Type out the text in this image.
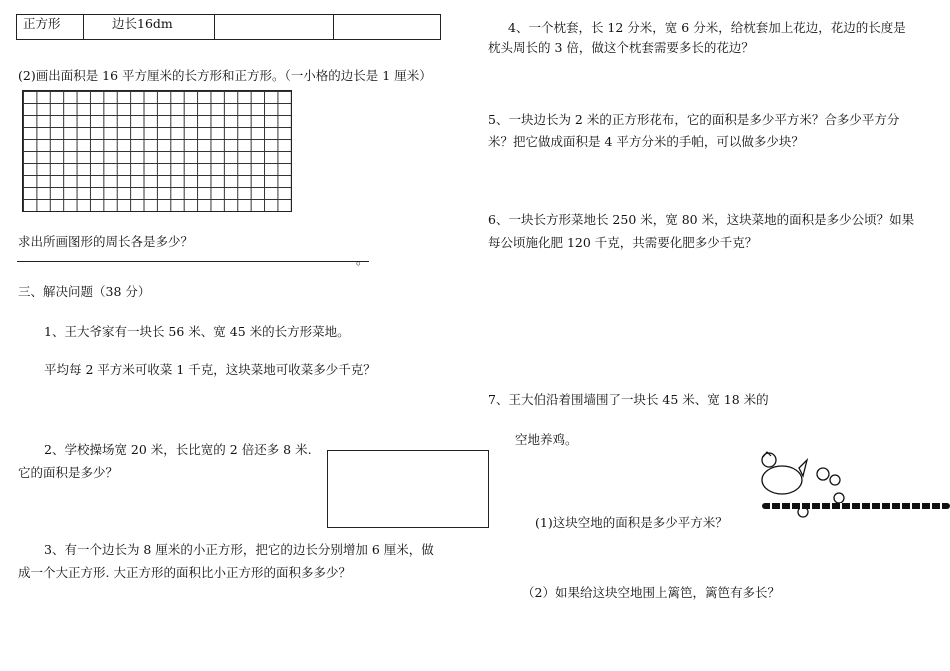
正方形	边长16dm		
(2)画出面积是 16 平方厘米的长方形和正方形。（一小格的边长是 1 厘米）
求出所画图形的周长各是多少？
。
三、解决问题（38 分）
1、王大爷家有一块长 56 米、宽 45 米的长方形菜地。
平均每 2 平方米可收菜 1 千克，这块菜地可收菜多少千克？
2、学校操场宽 20 米，长比宽的 2 倍还多 8 米.
它的面积是多少？
3、有一个边长为 8 厘米的小正方形，把它的边长分别增加 6 厘米，做
成一个大正方形. 大正方形的面积比小正方形的面积多多少？
4、一个枕套，长 12 分米，宽 6 分米，给枕套加上花边，花边的长度是
枕头周长的 3 倍，做这个枕套需要多长的花边？
5、一块边长为 2 米的正方形花布，它的面积是多少平方米？合多少平方分
米？把它做成面积是 4 平方分米的手帕，可以做多少块？
6、一块长方形菜地长 250 米，宽 80 米，这块菜地的面积是多少公顷？如果
每公顷施化肥 120 千克，共需要化肥多少千克？
7、王大伯沿着围墙围了一块长 45 米、宽 18 米的
空地养鸡。
(1)这块空地的面积是多少平方米？
（2）如果给这块空地围上篱笆，篱笆有多长？
